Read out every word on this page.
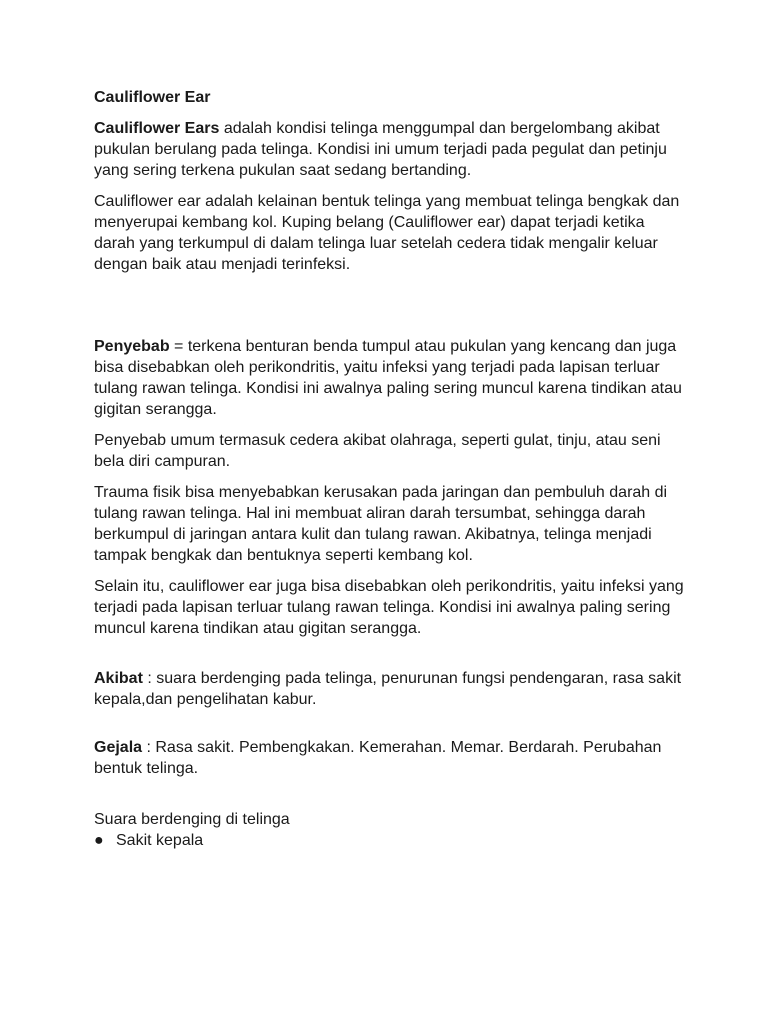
Cauliflower Ear

Cauliflower Ears adalah kondisi telinga menggumpal dan bergelombang akibat pukulan berulang pada telinga. Kondisi ini umum terjadi pada pegulat dan petinju yang sering terkena pukulan saat sedang bertanding.

Cauliflower ear adalah kelainan bentuk telinga yang membuat telinga bengkak dan menyerupai kembang kol. Kuping belang (Cauliflower ear) dapat terjadi ketika darah yang terkumpul di dalam telinga luar setelah cedera tidak mengalir keluar dengan baik atau menjadi terinfeksi.

Penyebab = terkena benturan benda tumpul atau pukulan yang kencang dan juga bisa disebabkan oleh perikondritis, yaitu infeksi yang terjadi pada lapisan terluar tulang rawan telinga. Kondisi ini awalnya paling sering muncul karena tindikan atau gigitan serangga.

Penyebab umum termasuk cedera akibat olahraga, seperti gulat, tinju, atau seni bela diri campuran.

Trauma fisik bisa menyebabkan kerusakan pada jaringan dan pembuluh darah di tulang rawan telinga. Hal ini membuat aliran darah tersumbat, sehingga darah berkumpul di jaringan antara kulit dan tulang rawan. Akibatnya, telinga menjadi tampak bengkak dan bentuknya seperti kembang kol.

Selain itu, cauliflower ear juga bisa disebabkan oleh perikondritis, yaitu infeksi yang terjadi pada lapisan terluar tulang rawan telinga. Kondisi ini awalnya paling sering muncul karena tindikan atau gigitan serangga.

Akibat : suara berdenging pada telinga, penurunan fungsi pendengaran, rasa sakit kepala,dan pengelihatan kabur.

Gejala : Rasa sakit. Pembengkakan. Kemerahan. Memar. Berdarah. Perubahan bentuk telinga.

Suara berdenging di telinga

● Sakit kepala
